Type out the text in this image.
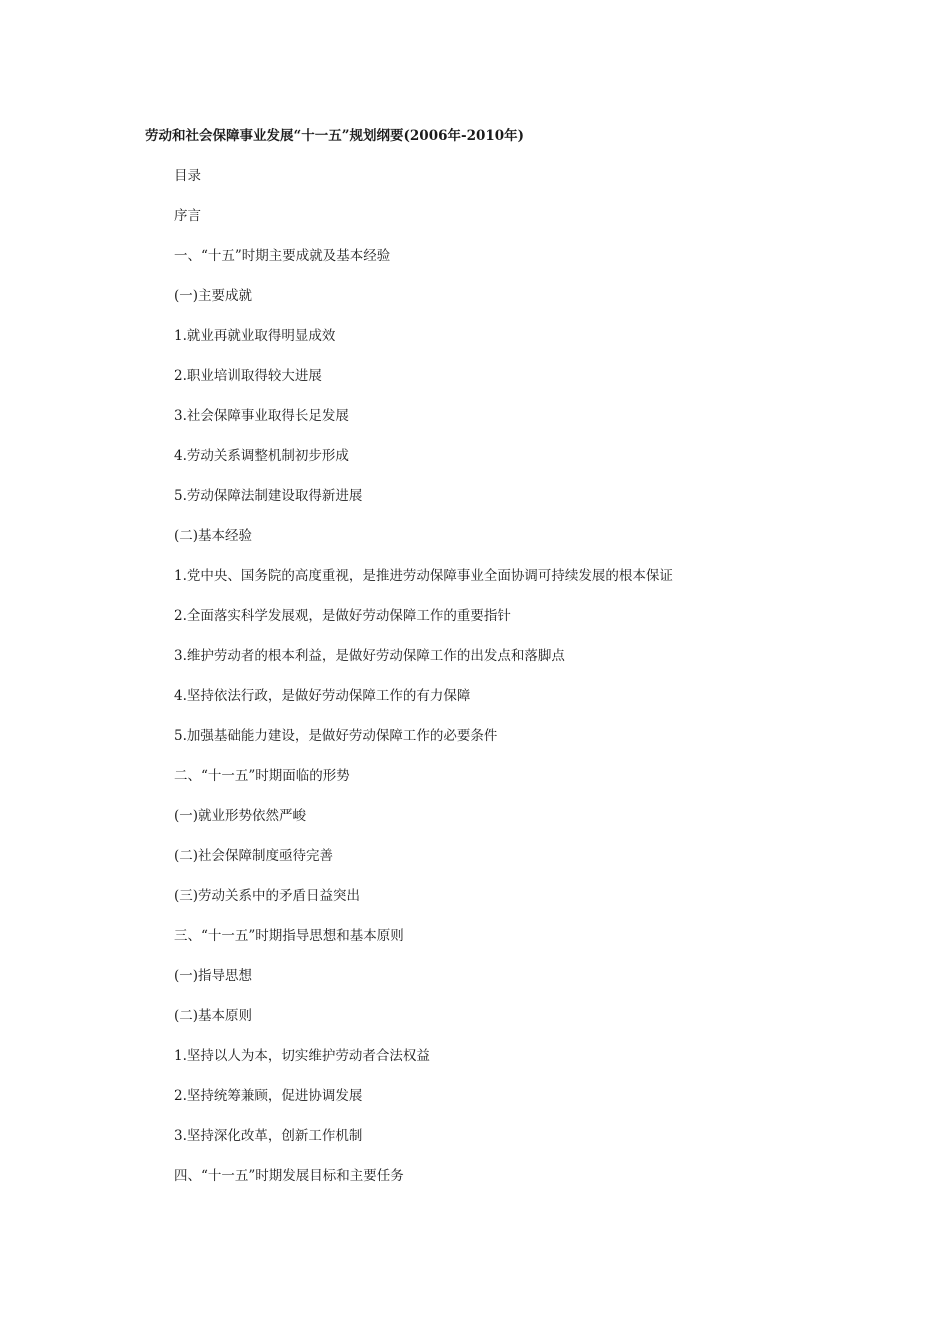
劳动和社会保障事业发展“十一五”规划纲要(2006年-2010年)
目录
序言
一、“十五”时期主要成就及基本经验
(一)主要成就
1.就业再就业取得明显成效
2.职业培训取得较大进展
3.社会保障事业取得长足发展
4.劳动关系调整机制初步形成
5.劳动保障法制建设取得新进展
(二)基本经验
1.党中央、国务院的高度重视，是推进劳动保障事业全面协调可持续发展的根本保证
2.全面落实科学发展观，是做好劳动保障工作的重要指针
3.维护劳动者的根本利益，是做好劳动保障工作的出发点和落脚点
4.坚持依法行政，是做好劳动保障工作的有力保障
5.加强基础能力建设，是做好劳动保障工作的必要条件
二、“十一五”时期面临的形势
(一)就业形势依然严峻
(二)社会保障制度亟待完善
(三)劳动关系中的矛盾日益突出
三、“十一五”时期指导思想和基本原则
(一)指导思想
(二)基本原则
1.坚持以人为本，切实维护劳动者合法权益
2.坚持统筹兼顾，促进协调发展
3.坚持深化改革，创新工作机制
四、“十一五”时期发展目标和主要任务
